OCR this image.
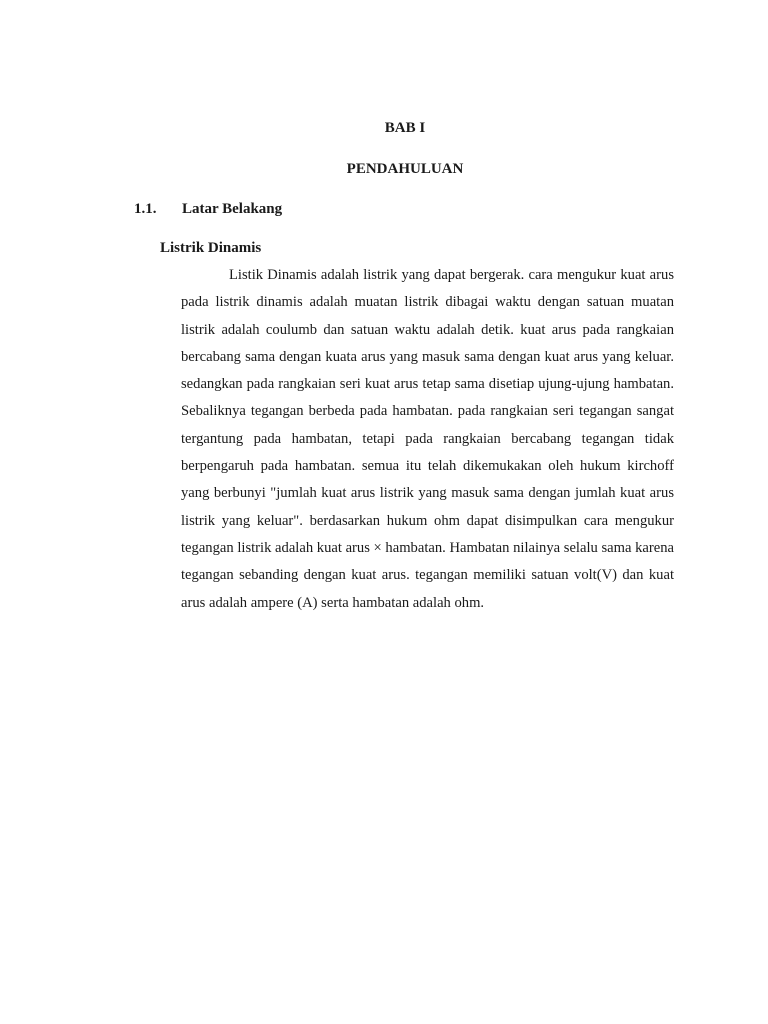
BAB I
PENDAHULUAN
1.1.	Latar Belakang
Listrik Dinamis

Listik Dinamis adalah listrik yang dapat bergerak. cara mengukur kuat arus pada listrik dinamis adalah muatan listrik dibagai waktu dengan satuan muatan listrik adalah coulumb dan satuan waktu adalah detik. kuat arus pada rangkaian bercabang sama dengan kuata arus yang masuk sama dengan kuat arus yang keluar. sedangkan pada rangkaian seri kuat arus tetap sama disetiap ujung-ujung hambatan. Sebaliknya tegangan berbeda pada hambatan. pada rangkaian seri tegangan sangat tergantung pada hambatan, tetapi pada rangkaian bercabang tegangan tidak berpengaruh pada hambatan. semua itu telah dikemukakan oleh hukum kirchoff yang berbunyi "jumlah kuat arus listrik yang masuk sama dengan jumlah kuat arus listrik yang keluar". berdasarkan hukum ohm dapat disimpulkan cara mengukur tegangan listrik adalah kuat arus × hambatan. Hambatan nilainya selalu sama karena tegangan sebanding dengan kuat arus. tegangan memiliki satuan volt(V) dan kuat arus adalah ampere (A) serta hambatan adalah ohm.
